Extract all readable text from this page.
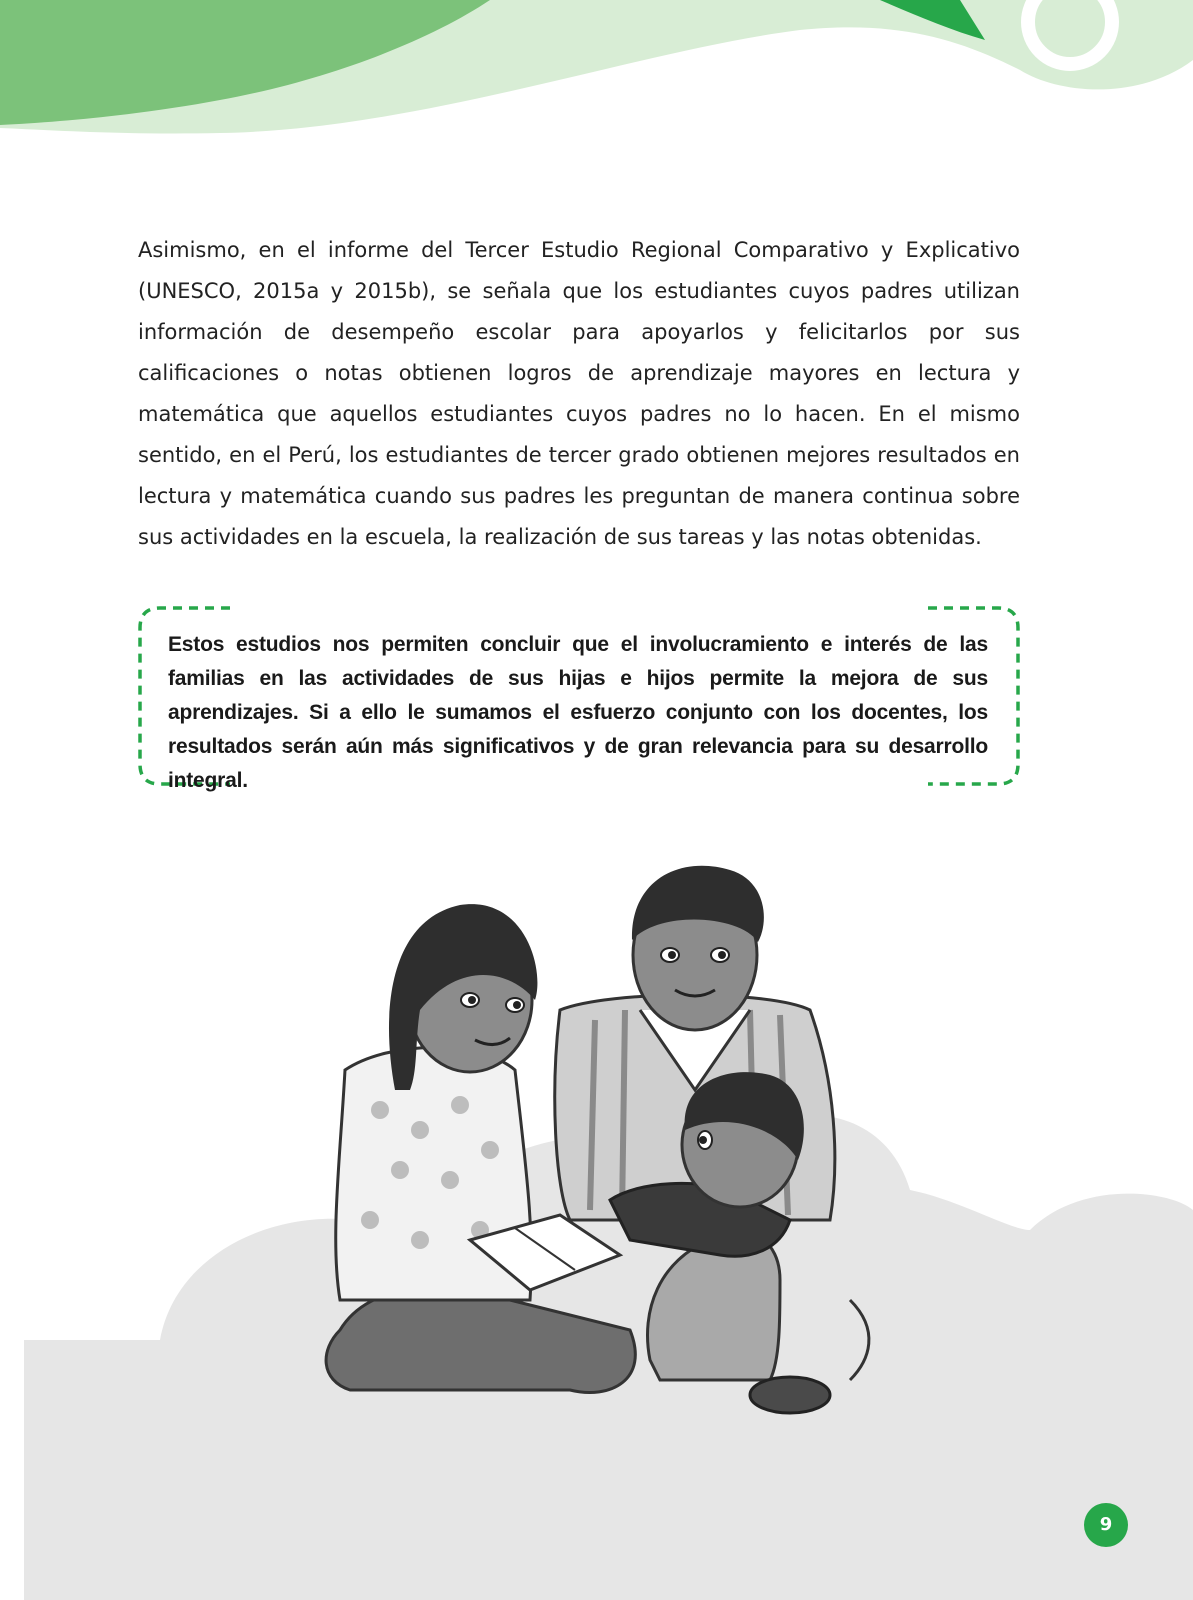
Asimismo, en el informe del Tercer Estudio Regional Comparativo y Explicativo (UNESCO, 2015a y 2015b), se señala que los estudiantes cuyos padres utilizan información de desempeño escolar para apoyarlos y felicitarlos por sus calificaciones o notas obtienen logros de aprendizaje mayores en lectura y matemática que aquellos estudiantes cuyos padres no lo hacen. En el mismo sentido, en el Perú, los estudiantes de tercer grado obtienen mejores resultados en lectura y matemática cuando sus padres les preguntan de manera continua sobre sus actividades en la escuela, la realización de sus tareas y las notas obtenidas.

Estos estudios nos permiten concluir que el involucramiento e interés de las familias en las actividades de sus hijas e hijos permite la mejora de sus aprendizajes. Si a ello le sumamos el esfuerzo conjunto con los docentes, los resultados serán aún más significativos y de gran relevancia para su desarrollo integral.

9
